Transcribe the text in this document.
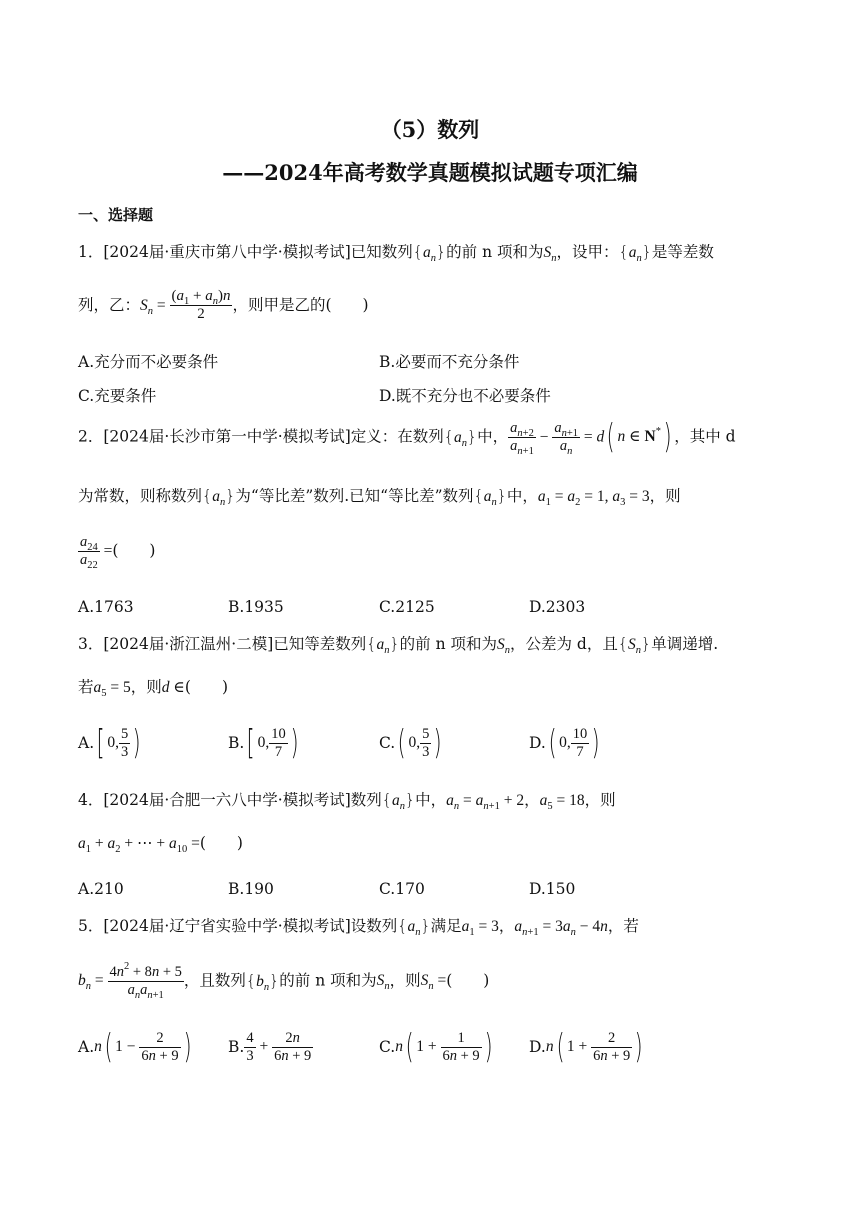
（5）数列
——2024年高考数学真题模拟试题专项汇编
一、选择题
1．[2024届·重庆市第八中学·模拟考试]已知数列$\{a_n\}$的前 n 项和为$S_n$，设甲：$\{a_n\}$是等差数
列，乙：$S_n = \frac{(a_1 + a_n)n}{2}$ ，则甲是乙的(　　)
A.充分而不必要条件	B.必要而不充分条件
C.充要条件	D.既不充分也不必要条件
2．[2024届·长沙市第一中学·模拟考试]定义：在数列$\{a_n\}$中， $\frac{a_{n+2}}{a_{n+1}} - \frac{a_{n+1}}{a_n} = d$( n ∈ N*) ，其中 d
为常数，则称数列$\{a_n\}$为“等比差”数列.已知“等比差”数列$\{a_n\}$中，$a_1 = a_2 = 1$, $a_3 = 3$，则
$\frac{a_{24}}{a_{22}}$ =(　　)
A.1763	B.1935	C.2125	D.2303
3．[2024届·浙江温州·二模]已知等差数列$\{a_n\}$的前 n 项和为$S_n$，公差为 d，且$\{S_n\}$单调递增.
若$a_5 = 5$，则d ∈(　　)
A.[ 0, $\frac{5}{3}$ )	B.[ 0, $\frac{10}{7}$ )	C.( 0, $\frac{5}{3}$ )	D.( 0, $\frac{10}{7}$ )
4．[2024届·合肥一六八中学·模拟考试]数列$\{a_n\}$中，$a_n = a_{n+1} + 2$，$a_5 = 18$，则
$a_1 + a_2$ + ⋯ + $a_{10}$ =(　　)
A.210	B.190	C.170	D.150
5．[2024届·辽宁省实验中学·模拟考试]设数列$\{a_n\}$满足$a_1 = 3$，$a_{n+1} = 3a_n - 4n$，若
$b_n = \frac{4n^2 + 8n + 5}{a_na_{n+1}}$ ，且数列$\{b_n\}$的前 n 项和为$S_n$，则$S_n$ =(　　)
A.n( $1 - \frac{2}{6n + 9}$ ) B. $\frac{4}{3} + \frac{2n}{6n + 9}$	C.n( $1 + \frac{1}{6n + 9}$ ) D.n( $1 + \frac{2}{6n + 9}$ )
